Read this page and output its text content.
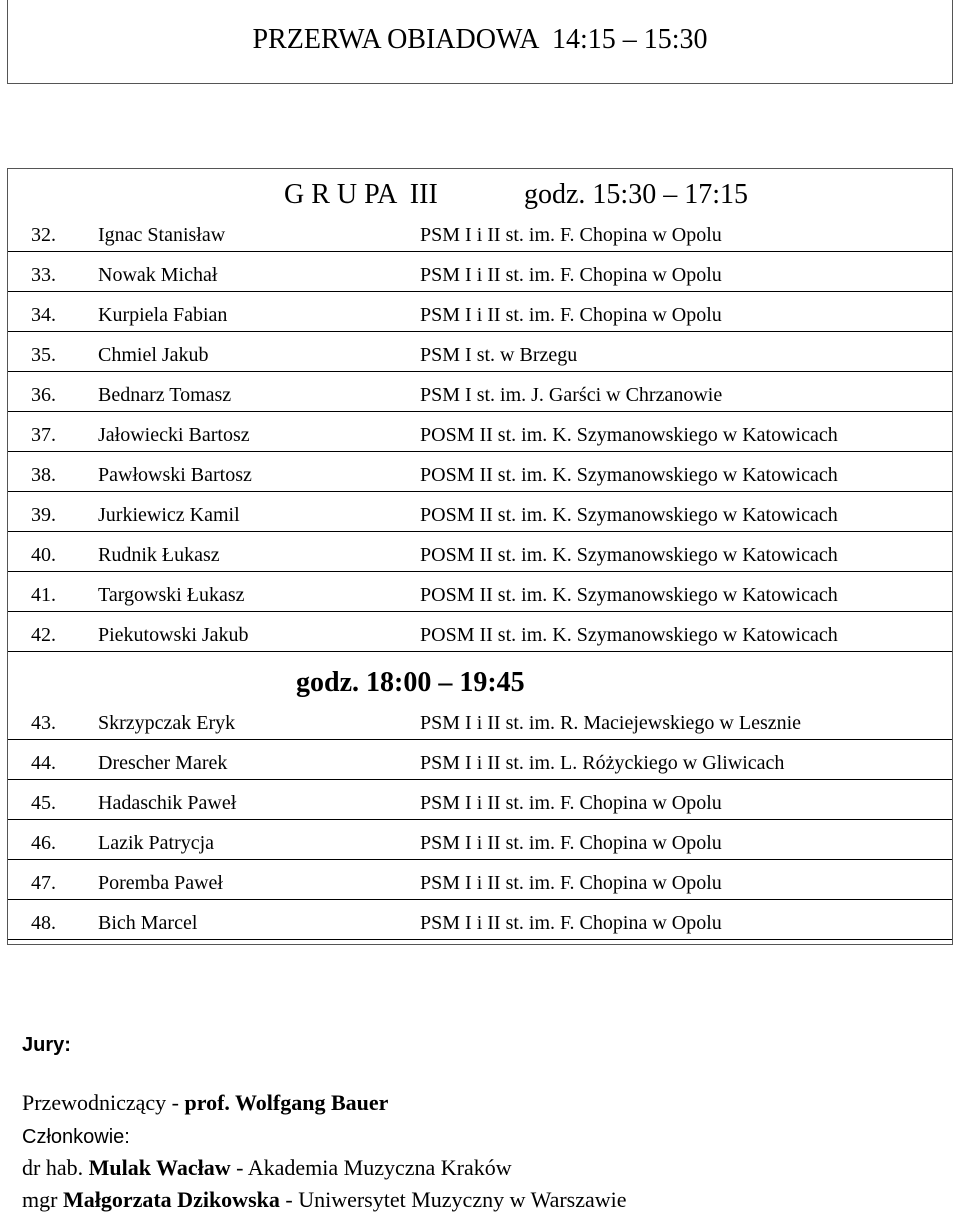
PRZERWA OBIADOWA  14:15 – 15:30
G R U PA  III	godz. 15:30 – 17:15
32. Ignac Stanisław	PSM I i II st. im. F. Chopina w Opolu
33. Nowak Michał	PSM I i II st. im. F. Chopina w Opolu
34. Kurpiela Fabian	PSM I i II st. im. F. Chopina w Opolu
35. Chmiel Jakub	PSM I st. w Brzegu
36. Bednarz Tomasz	PSM I st. im. J. Garści w Chrzanowie
37. Jałowiecki Bartosz	POSM II st. im. K. Szymanowskiego w Katowicach
38. Pawłowski Bartosz	POSM II st. im. K. Szymanowskiego w Katowicach
39. Jurkiewicz Kamil	POSM II st. im. K. Szymanowskiego w Katowicach
40. Rudnik Łukasz	POSM II st. im. K. Szymanowskiego w Katowicach
41. Targowski Łukasz	POSM II st. im. K. Szymanowskiego w Katowicach
42. Piekutowski Jakub	POSM II st. im. K. Szymanowskiego w Katowicach
godz. 18:00 – 19:45
43. Skrzypczak Eryk	PSM I i II st. im. R. Maciejewskiego w Lesznie
44. Drescher Marek	PSM I i II st. im. L. Różyckiego w Gliwicach
45. Hadaschik Paweł	PSM I i II st. im. F. Chopina w Opolu
46. Lazik Patrycja	PSM I i II st. im. F. Chopina w Opolu
47. Poremba Paweł	PSM I i II st. im. F. Chopina w Opolu
48. Bich Marcel	PSM I i II st. im. F. Chopina w Opolu
Jury:
Przewodniczący - prof. Wolfgang Bauer
Członkowie:
dr hab. Mulak Wacław - Akademia Muzyczna Kraków
mgr Małgorzata Dzikowska - Uniwersytet Muzyczny w Warszawie
